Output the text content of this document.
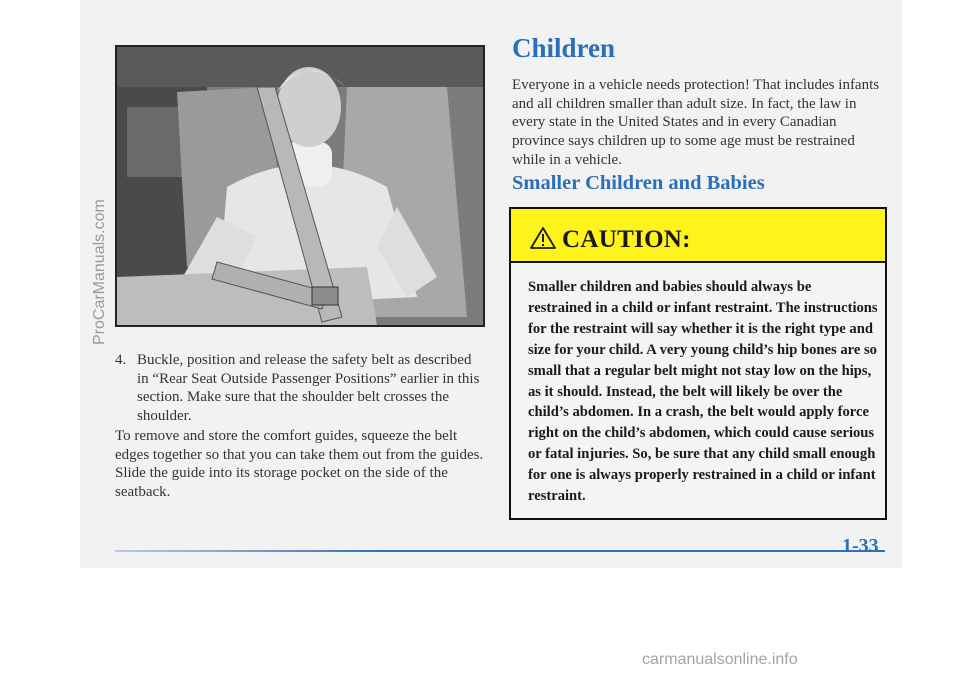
4. Buckle, position and release the safety belt as described in “Rear Seat Outside Passenger Positions” earlier in this section. Make sure that the shoulder belt crosses the shoulder.

To remove and store the comfort guides, squeeze the belt edges together so that you can take them out from the guides. Slide the guide into its storage pocket on the side of the seatback.

Children

Everyone in a vehicle needs protection! That includes infants and all children smaller than adult size. In fact, the law in every state in the United States and in every Canadian province says children up to some age must be restrained while in a vehicle.

Smaller Children and Babies
CAUTION:

Smaller children and babies should always be restrained in a child or infant restraint. The instructions for the restraint will say whether it is the right type and size for your child. A very young child’s hip bones are so small that a regular belt might not stay low on the hips, as it should. Instead, the belt will likely be over the child’s abdomen. In a crash, the belt would apply force right on the child’s abdomen, which could cause serious or fatal injuries. So, be sure that any child small enough for one is always properly restrained in a child or infant restraint.

1-33
ProCarManuals.com
carmanualsonline.info
